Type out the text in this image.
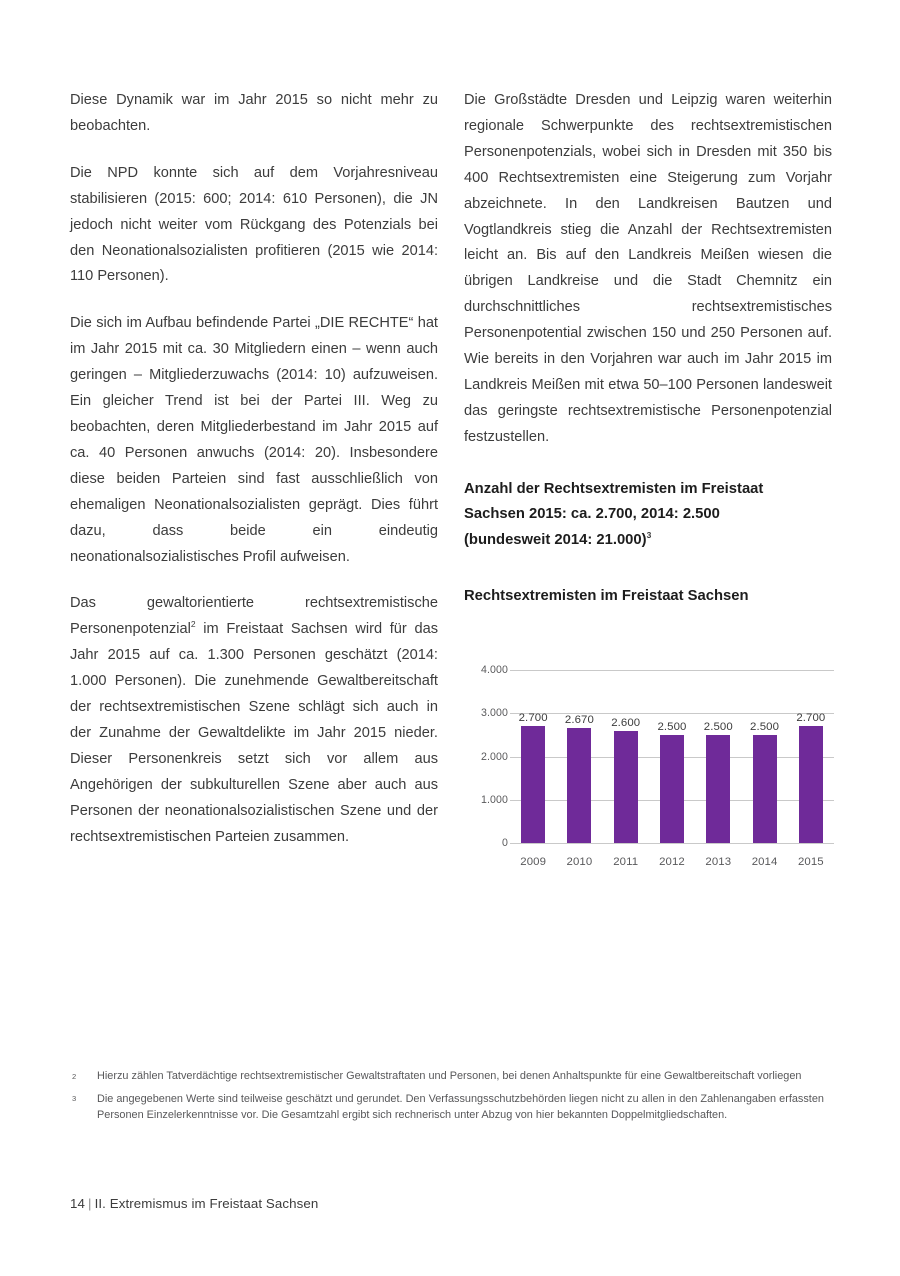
Diese Dynamik war im Jahr 2015 so nicht mehr zu beobachten.

Die NPD konnte sich auf dem Vorjahresniveau stabilisieren (2015: 600; 2014: 610 Personen), die JN jedoch nicht weiter vom Rückgang des Potenzials bei den Neonationalsozialisten profitieren (2015 wie 2014: 110 Personen).

Die sich im Aufbau befindende Partei „DIE RECHTE“ hat im Jahr 2015 mit ca. 30 Mitgliedern einen – wenn auch geringen – Mitgliederzuwachs (2014: 10) aufzuweisen. Ein gleicher Trend ist bei der Partei III. Weg zu beobachten, deren Mitgliederbestand im Jahr 2015 auf ca. 40 Personen anwuchs (2014: 20). Insbesondere diese beiden Parteien sind fast ausschließlich von ehemaligen Neonationalsozialisten geprägt. Dies führt dazu, dass beide ein eindeutig neonationalsozialistisches Profil aufweisen.

Das gewaltorientierte rechtsextremistische Personenpotenzial$^2$ im Freistaat Sachsen wird für das Jahr 2015 auf ca. 1.300 Personen geschätzt (2014: 1.000 Personen). Die zunehmende Gewaltbereitschaft der rechtsextremistischen Szene schlägt sich auch in der Zunahme der Gewaltdelikte im Jahr 2015 nieder. Dieser Personenkreis setzt sich vor allem aus Angehörigen der subkulturellen Szene aber auch aus Personen der neonationalsozialistischen Szene und der rechtsextremistischen Parteien zusammen.

Die Großstädte Dresden und Leipzig waren weiterhin regionale Schwerpunkte des rechtsextremistischen Personenpotenzials, wobei sich in Dresden mit 350 bis 400 Rechtsextremisten eine Steigerung zum Vorjahr abzeichnete. In den Landkreisen Bautzen und Vogtlandkreis stieg die Anzahl der Rechtsextremisten leicht an. Bis auf den Landkreis Meißen wiesen die übrigen Landkreise und die Stadt Chemnitz ein durchschnittliches rechtsextremistisches Personenpotential zwischen 150 und 250 Personen auf. Wie bereits in den Vorjahren war auch im Jahr 2015 im Landkreis Meißen mit etwa 50–100 Personen landesweit das geringste rechtsextremistische Personenpotenzial festzustellen.

Anzahl der Rechtsextremisten im Freistaat
Sachsen 2015: ca. 2.700, 2014: 2.500
(bundesweit 2014: 21.000)$^3$
Rechtsextremisten im Freistaat Sachsen
0
1.000
2.000
3.000
4.000
2.700
2009
2.670
2010
2.600
2011
2.500
2012
2.500
2013
2.500
2014
2.700
2015
2 Hierzu zählen Tatverdächtige rechtsextremistischer Gewaltstraftaten und Personen, bei denen Anhaltspunkte für eine Gewaltbereitschaft vorliegen
3 Die angegebenen Werte sind teilweise geschätzt und gerundet. Den Verfassungsschutzbehörden liegen nicht zu allen in den Zahlenangaben erfassten Personen Einzelerkenntnisse vor. Die Gesamtzahl ergibt sich rechnerisch unter Abzug von hier bekannten Doppelmitgliedschaften.
14 | II. Extremismus im Freistaat Sachsen
